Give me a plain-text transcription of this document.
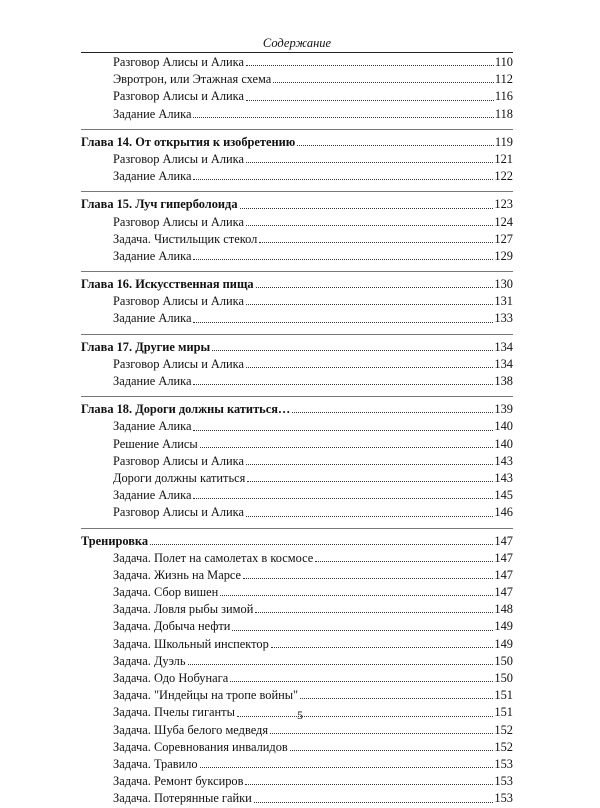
Содержание
Разговор Алисы и Алика	110
Эвротрон, или Этажная схема	112
Разговор Алисы и Алика	116
Задание Алика	118
Глава 14. От открытия к изобретению	119
Разговор Алисы и Алика	121
Задание Алика	122
Глава 15. Луч гиперболоида	123
Разговор Алисы и Алика	124
Задача. Чистильщик стекол	127
Задание Алика	129
Глава 16. Искусственная пища	130
Разговор Алисы и Алика	131
Задание Алика	133
Глава 17. Другие миры	134
Разговор Алисы и Алика	134
Задание Алика	138
Глава 18. Дороги должны катиться…	139
Задание Алика	140
Решение Алисы	140
Разговор Алисы и Алика	143
Дороги должны катиться	143
Задание Алика	145
Разговор Алисы и Алика	146
Тренировка	147
Задача. Полет на самолетах в космосе	147
Задача. Жизнь на Марсе	147
Задача. Сбор вишен	147
Задача. Ловля рыбы зимой	148
Задача. Добыча нефти	149
Задача. Школьный инспектор	149
Задача. Дуэль	150
Задача. Одо Нобунага	150
Задача. "Индейцы на тропе войны"	151
Задача. Пчелы гиганты	151
Задача. Шуба белого медведя	152
Задача. Соревнования инвалидов	152
Задача. Травило	153
Задача. Ремонт буксиров	153
Задача. Потерянные гайки	153
5
